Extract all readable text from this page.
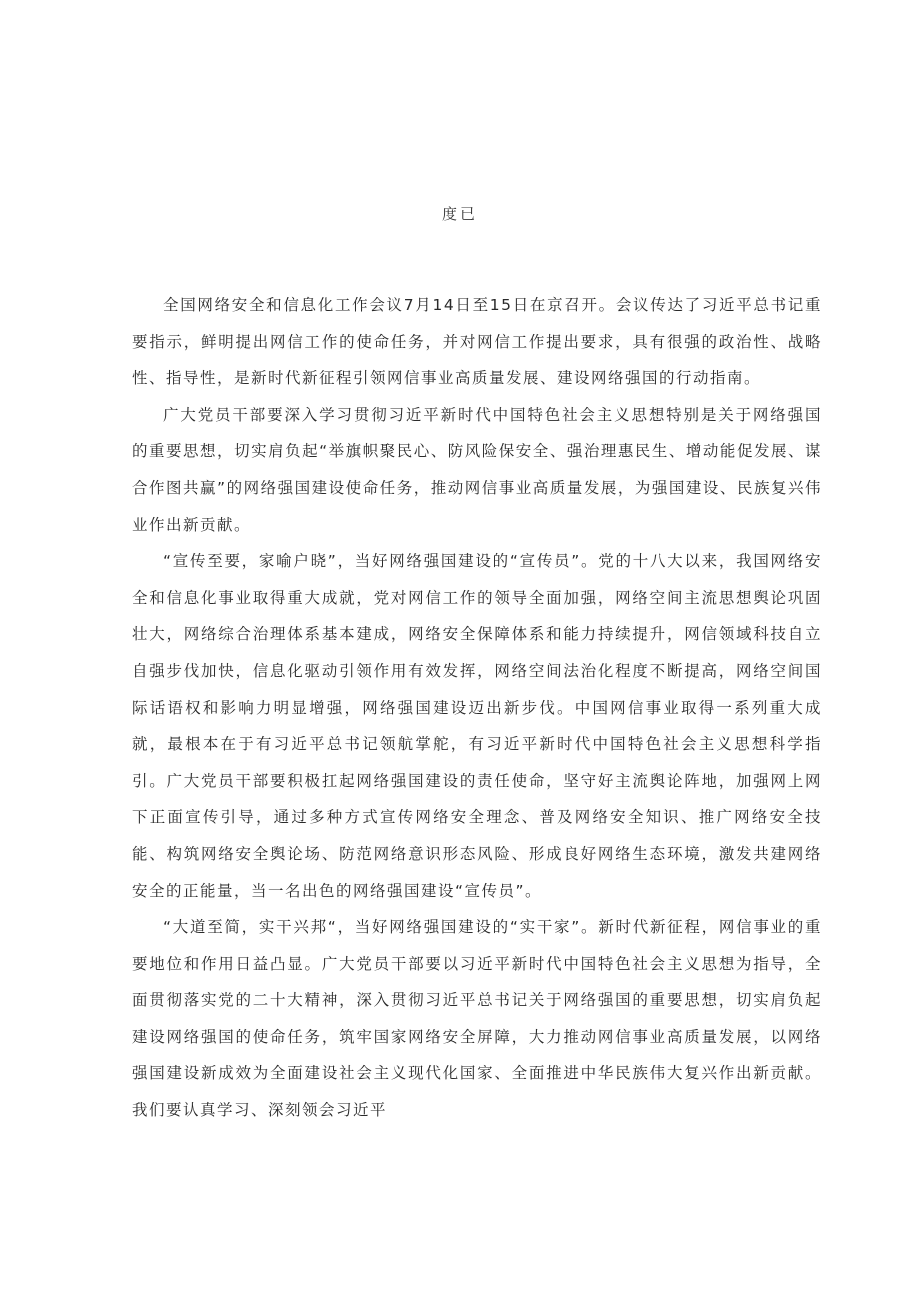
度已

全国网络安全和信息化工作会议7月14日至15日在京召开。会议传达了习近平总书记重要指示，鲜明提出网信工作的使命任务，并对网信工作提出要求，具有很强的政治性、战略性、指导性，是新时代新征程引领网信事业高质量发展、建设网络强国的行动指南。

广大党员干部要深入学习贯彻习近平新时代中国特色社会主义思想特别是关于网络强国的重要思想，切实肩负起“举旗帜聚民心、防风险保安全、强治理惠民生、增动能促发展、谋合作图共赢”的网络强国建设使命任务，推动网信事业高质量发展，为强国建设、民族复兴伟业作出新贡献。

“宣传至要，家喻户晓”，当好网络强国建设的“宣传员”。党的十八大以来，我国网络安全和信息化事业取得重大成就，党对网信工作的领导全面加强，网络空间主流思想舆论巩固壮大，网络综合治理体系基本建成，网络安全保障体系和能力持续提升，网信领域科技自立自强步伐加快，信息化驱动引领作用有效发挥，网络空间法治化程度不断提高，网络空间国际话语权和影响力明显增强，网络强国建设迈出新步伐。中国网信事业取得一系列重大成就，最根本在于有习近平总书记领航掌舵，有习近平新时代中国特色社会主义思想科学指引。广大党员干部要积极扛起网络强国建设的责任使命，坚守好主流舆论阵地，加强网上网下正面宣传引导，通过多种方式宣传网络安全理念、普及网络安全知识、推广网络安全技能、构筑网络安全舆论场、防范网络意识形态风险、形成良好网络生态环境，激发共建网络安全的正能量，当一名出色的网络强国建设“宣传员”。

“大道至简，实干兴邦“，当好网络强国建设的“实干家”。新时代新征程，网信事业的重要地位和作用日益凸显。广大党员干部要以习近平新时代中国特色社会主义思想为指导，全面贯彻落实党的二十大精神，深入贯彻习近平总书记关于网络强国的重要思想，切实肩负起建设网络强国的使命任务，筑牢国家网络安全屏障，大力推动网信事业高质量发展，以网络强国建设新成效为全面建设社会主义现代化国家、全面推进中华民族伟大复兴作出新贡献。我们要认真学习、深刻领会习近平
